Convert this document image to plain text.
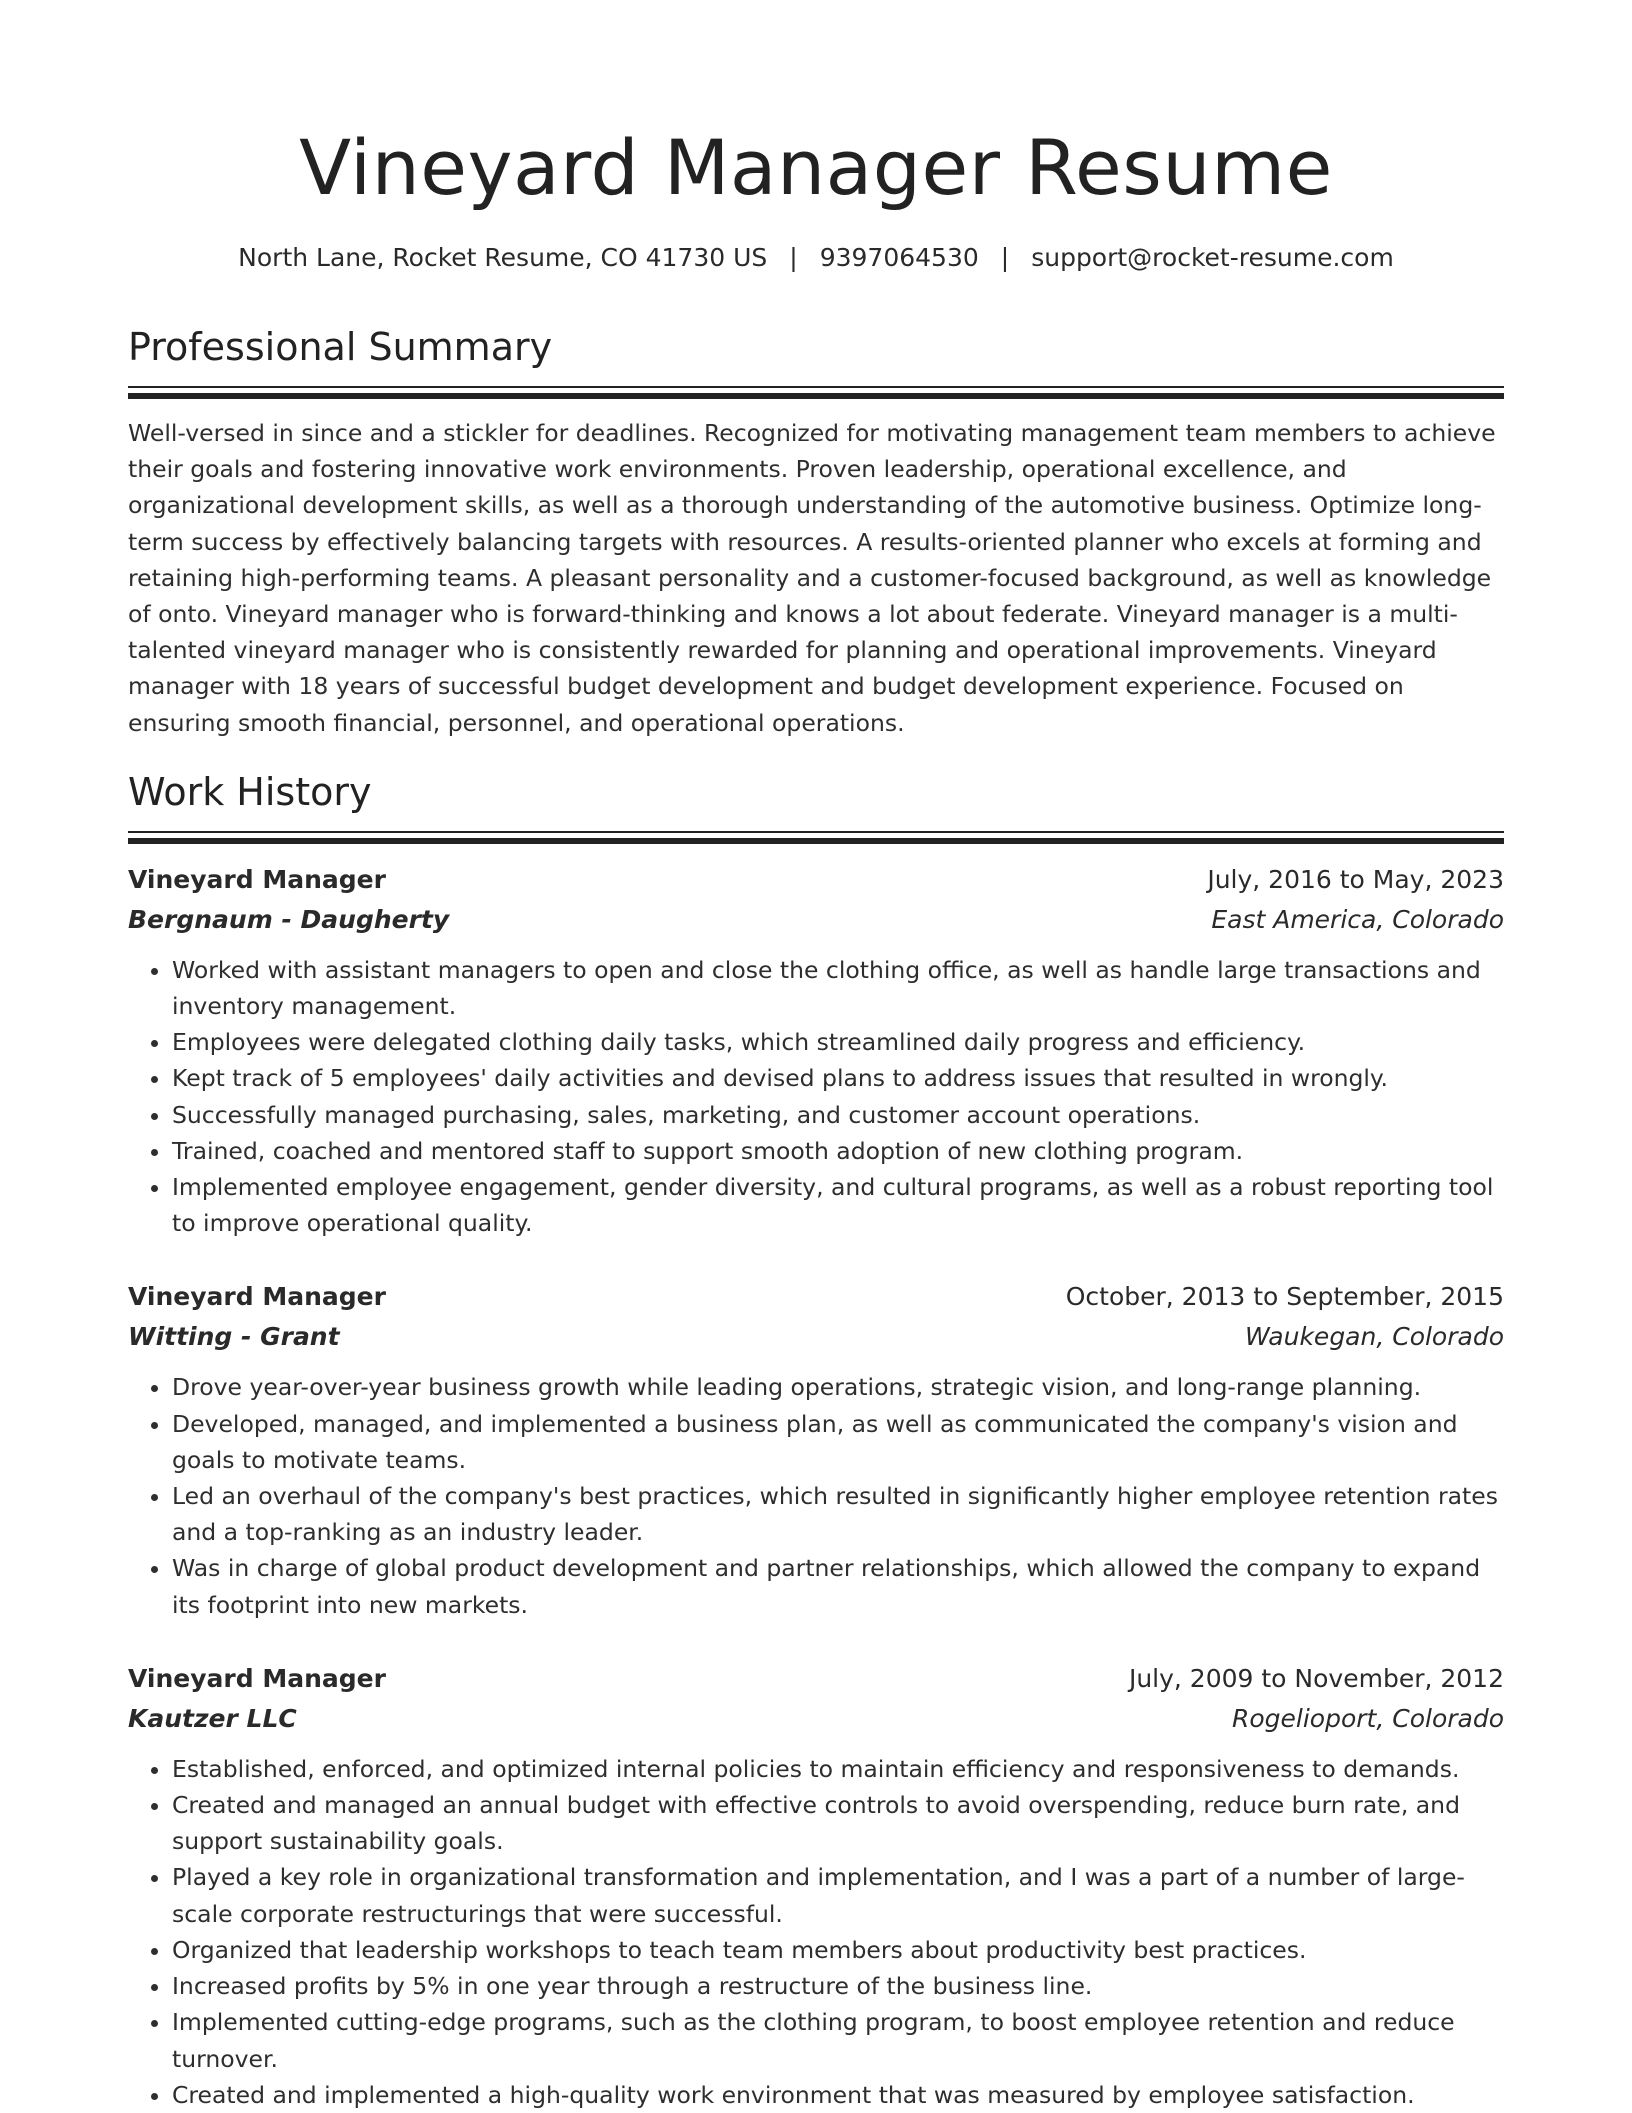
Vineyard Manager Resume
North Lane, Rocket Resume, CO 41730 US | 9397064530 | support@rocket-resume.com
Professional Summary

Well-versed in since and a stickler for deadlines. Recognized for motivating management team members to achieve their goals and fostering innovative work environments. Proven leadership, operational excellence, and organizational development skills, as well as a thorough understanding of the automotive business. Optimize long-term success by effectively balancing targets with resources. A results-oriented planner who excels at forming and retaining high-performing teams. A pleasant personality and a customer-focused background, as well as knowledge of onto. Vineyard manager who is forward-thinking and knows a lot about federate. Vineyard manager is a multi-talented vineyard manager who is consistently rewarded for planning and operational improvements. Vineyard manager with 18 years of successful budget development and budget development experience. Focused on ensuring smooth financial, personnel, and operational operations.

Work History
Vineyard Manager	July, 2016 to May, 2023
Bergnaum - Daugherty	East America, Colorado
• Worked with assistant managers to open and close the clothing office, as well as handle large transactions and inventory management.
• Employees were delegated clothing daily tasks, which streamlined daily progress and efficiency.
• Kept track of 5 employees' daily activities and devised plans to address issues that resulted in wrongly.
• Successfully managed purchasing, sales, marketing, and customer account operations.
• Trained, coached and mentored staff to support smooth adoption of new clothing program.
• Implemented employee engagement, gender diversity, and cultural programs, as well as a robust reporting tool to improve operational quality.
Vineyard Manager	October, 2013 to September, 2015
Witting - Grant	Waukegan, Colorado
• Drove year-over-year business growth while leading operations, strategic vision, and long-range planning.
• Developed, managed, and implemented a business plan, as well as communicated the company's vision and goals to motivate teams.
• Led an overhaul of the company's best practices, which resulted in significantly higher employee retention rates and a top-ranking as an industry leader.
• Was in charge of global product development and partner relationships, which allowed the company to expand its footprint into new markets.
Vineyard Manager	July, 2009 to November, 2012
Kautzer LLC	Rogelioport, Colorado
• Established, enforced, and optimized internal policies to maintain efficiency and responsiveness to demands.
• Created and managed an annual budget with effective controls to avoid overspending, reduce burn rate, and support sustainability goals.
• Played a key role in organizational transformation and implementation, and I was a part of a number of large-scale corporate restructurings that were successful.
• Organized that leadership workshops to teach team members about productivity best practices.
• Increased profits by 5% in one year through a restructure of the business line.
• Implemented cutting-edge programs, such as the clothing program, to boost employee retention and reduce turnover.
• Created and implemented a high-quality work environment that was measured by employee satisfaction.
